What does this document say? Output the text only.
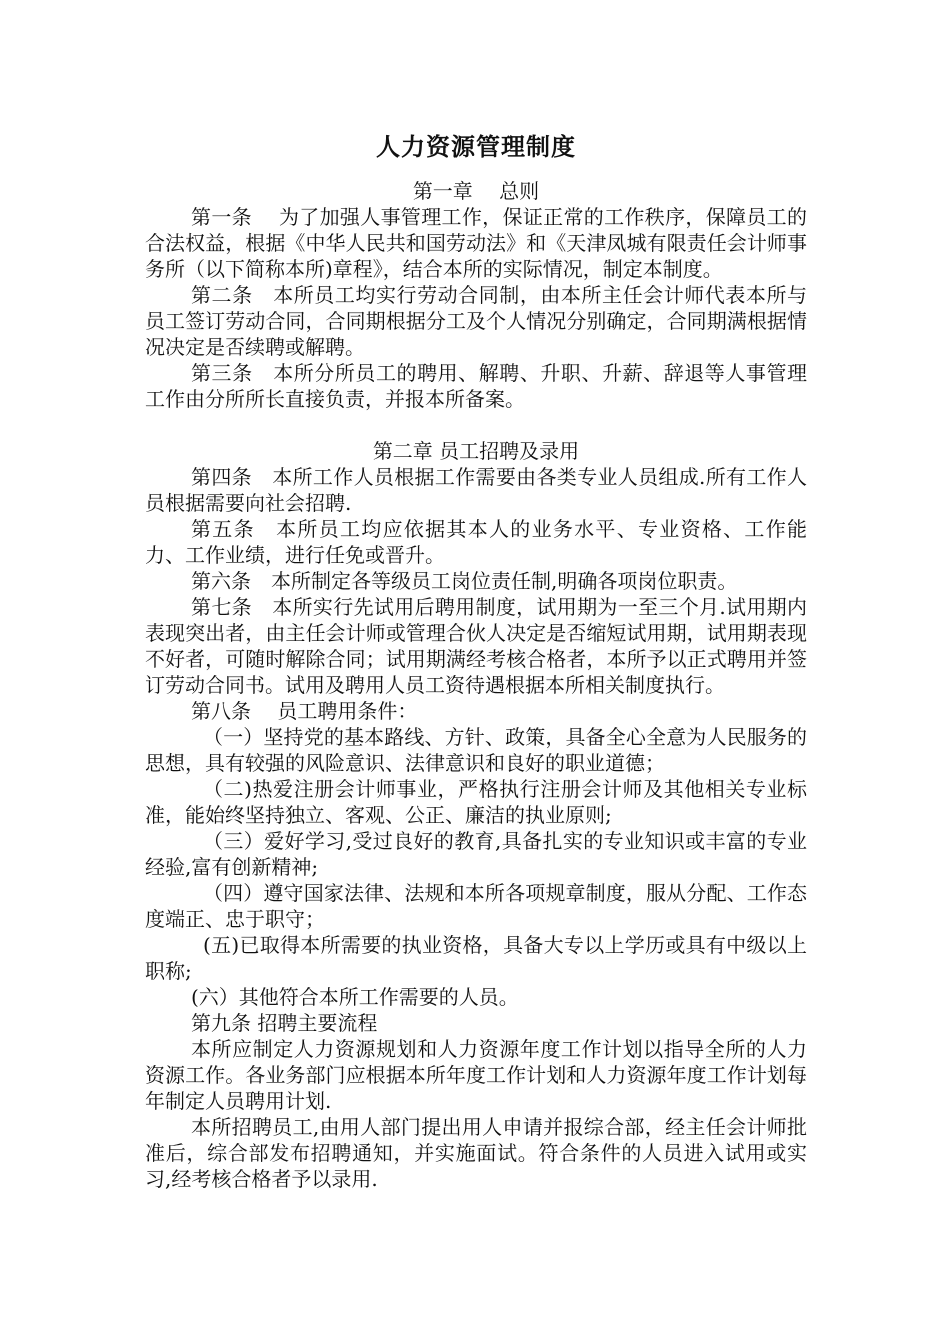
人力资源管理制度

第一章　 总则

第一条　 为了加强人事管理工作，保证正常的工作秩序，保障员工的合法权益，根据《中华人民共和国劳动法》和《天津凤城有限责任会计师事务所（以下简称本所)章程》，结合本所的实际情况，制定本制度。

第二条　本所员工均实行劳动合同制，由本所主任会计师代表本所与员工签订劳动合同，合同期根据分工及个人情况分别确定，合同期满根据情况决定是否续聘或解聘。

第三条　本所分所员工的聘用、解聘、升职、升薪、辞退等人事管理工作由分所所长直接负责，并报本所备案。

第二章 员工招聘及录用

第四条　本所工作人员根据工作需要由各类专业人员组成.所有工作人员根据需要向社会招聘.

第五条　本所员工均应依据其本人的业务水平、专业资格、工作能力、工作业绩，进行任免或晋升。

第六条　本所制定各等级员工岗位责任制,明确各项岗位职责。

第七条　本所实行先试用后聘用制度，试用期为一至三个月.试用期内表现突出者，由主任会计师或管理合伙人决定是否缩短试用期，试用期表现不好者，可随时解除合同；试用期满经考核合格者，本所予以正式聘用并签订劳动合同书。试用及聘用人员工资待遇根据本所相关制度执行。

第八条　 员工聘用条件：

（一）坚持党的基本路线、方针、政策，具备全心全意为人民服务的思想，具有较强的风险意识、法律意识和良好的职业道德；

（二)热爱注册会计师事业，严格执行注册会计师及其他相关专业标准，能始终坚持独立、客观、公正、廉洁的执业原则;

（三）爱好学习,受过良好的教育,具备扎实的专业知识或丰富的专业经验,富有创新精神;

（四）遵守国家法律、法规和本所各项规章制度，服从分配、工作态度端正、忠于职守；

(五)已取得本所需要的执业资格，具备大专以上学历或具有中级以上职称;

(六）其他符合本所工作需要的人员。

第九条 招聘主要流程

本所应制定人力资源规划和人力资源年度工作计划以指导全所的人力资源工作。各业务部门应根据本所年度工作计划和人力资源年度工作计划每年制定人员聘用计划.

本所招聘员工,由用人部门提出用人申请并报综合部，经主任会计师批准后，综合部发布招聘通知，并实施面试。符合条件的人员进入试用或实习,经考核合格者予以录用.
